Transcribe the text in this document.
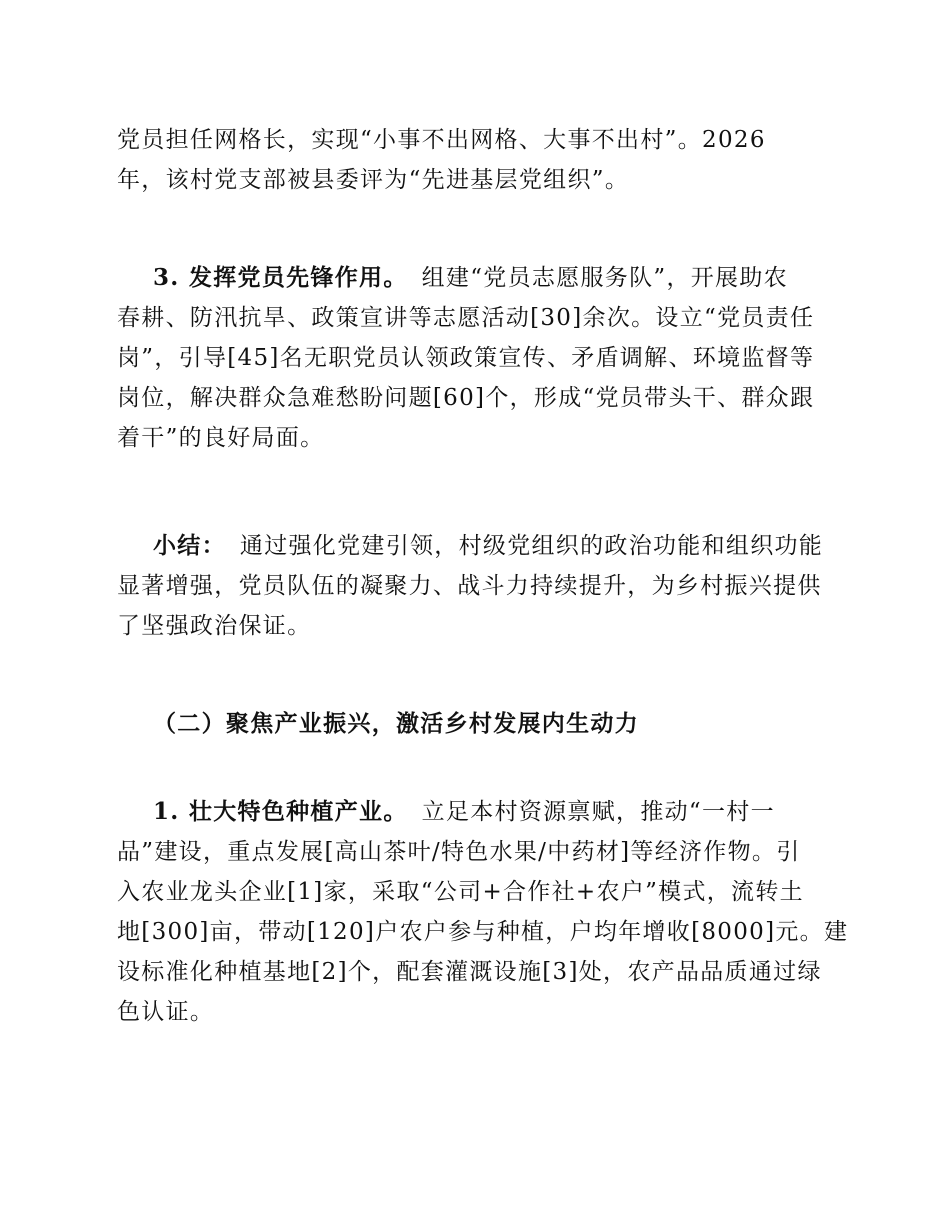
党员担任网格长，实现“小事不出网格、大事不出村”。2026
年，该村党支部被县委评为“先进基层党组织”。
3. 发挥党员先锋作用。 组建“党员志愿服务队”，开展助农
春耕、防汛抗旱、政策宣讲等志愿活动[30]余次。设立“党员责任
岗”，引导[45]名无职党员认领政策宣传、矛盾调解、环境监督等
岗位，解决群众急难愁盼问题[60]个，形成“党员带头干、群众跟
着干”的良好局面。
小结： 通过强化党建引领，村级党组织的政治功能和组织功能
显著增强，党员队伍的凝聚力、战斗力持续提升，为乡村振兴提供
了坚强政治保证。
（二）聚焦产业振兴，激活乡村发展内生动力
1. 壮大特色种植产业。 立足本村资源禀赋，推动“一村一
品”建设，重点发展[高山茶叶/特色水果/中药材]等经济作物。引
入农业龙头企业[1]家，采取“公司+合作社+农户”模式，流转土
地[300]亩，带动[120]户农户参与种植，户均年增收[8000]元。建
设标准化种植基地[2]个，配套灌溉设施[3]处，农产品品质通过绿
色认证。
